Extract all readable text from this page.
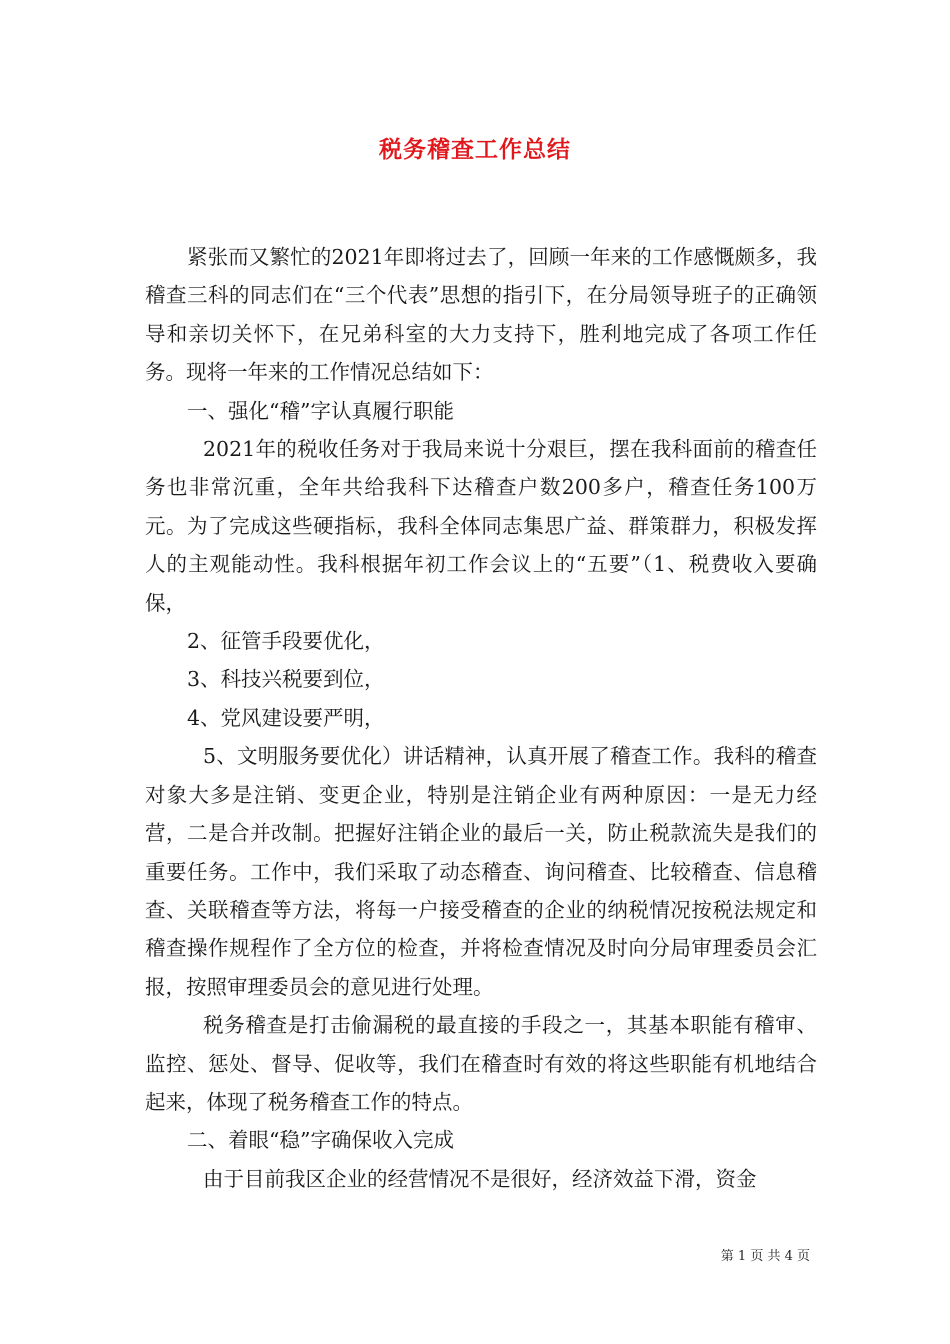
税务稽查工作总结

紧张而又繁忙的2021年即将过去了，回顾一年来的工作感慨颇多，我稽查三科的同志们在“三个代表”思想的指引下，在分局领导班子的正确领导和亲切关怀下，在兄弟科室的大力支持下，胜利地完成了各项工作任务。现将一年来的工作情况总结如下：

一、强化“稽”字认真履行职能

2021年的税收任务对于我局来说十分艰巨，摆在我科面前的稽查任务也非常沉重，全年共给我科下达稽查户数200多户，稽查任务100万元。为了完成这些硬指标，我科全体同志集思广益、群策群力，积极发挥人的主观能动性。我科根据年初工作会议上的“五要”（1、税费收入要确保，

2、征管手段要优化，

3、科技兴税要到位，

4、党风建设要严明，

5、文明服务要优化）讲话精神，认真开展了稽查工作。我科的稽查对象大多是注销、变更企业，特别是注销企业有两种原因：一是无力经营，二是合并改制。把握好注销企业的最后一关，防止税款流失是我们的重要任务。工作中，我们采取了动态稽查、询问稽查、比较稽查、信息稽查、关联稽查等方法，将每一户接受稽查的企业的纳税情况按税法规定和稽查操作规程作了全方位的检查，并将检查情况及时向分局审理委员会汇报，按照审理委员会的意见进行处理。

税务稽查是打击偷漏税的最直接的手段之一，其基本职能有稽审、监控、惩处、督导、促收等，我们在稽查时有效的将这些职能有机地结合起来，体现了税务稽查工作的特点。

二、着眼“稳”字确保收入完成

由于目前我区企业的经营情况不是很好，经济效益下滑，资金

第 1 页 共 4 页
